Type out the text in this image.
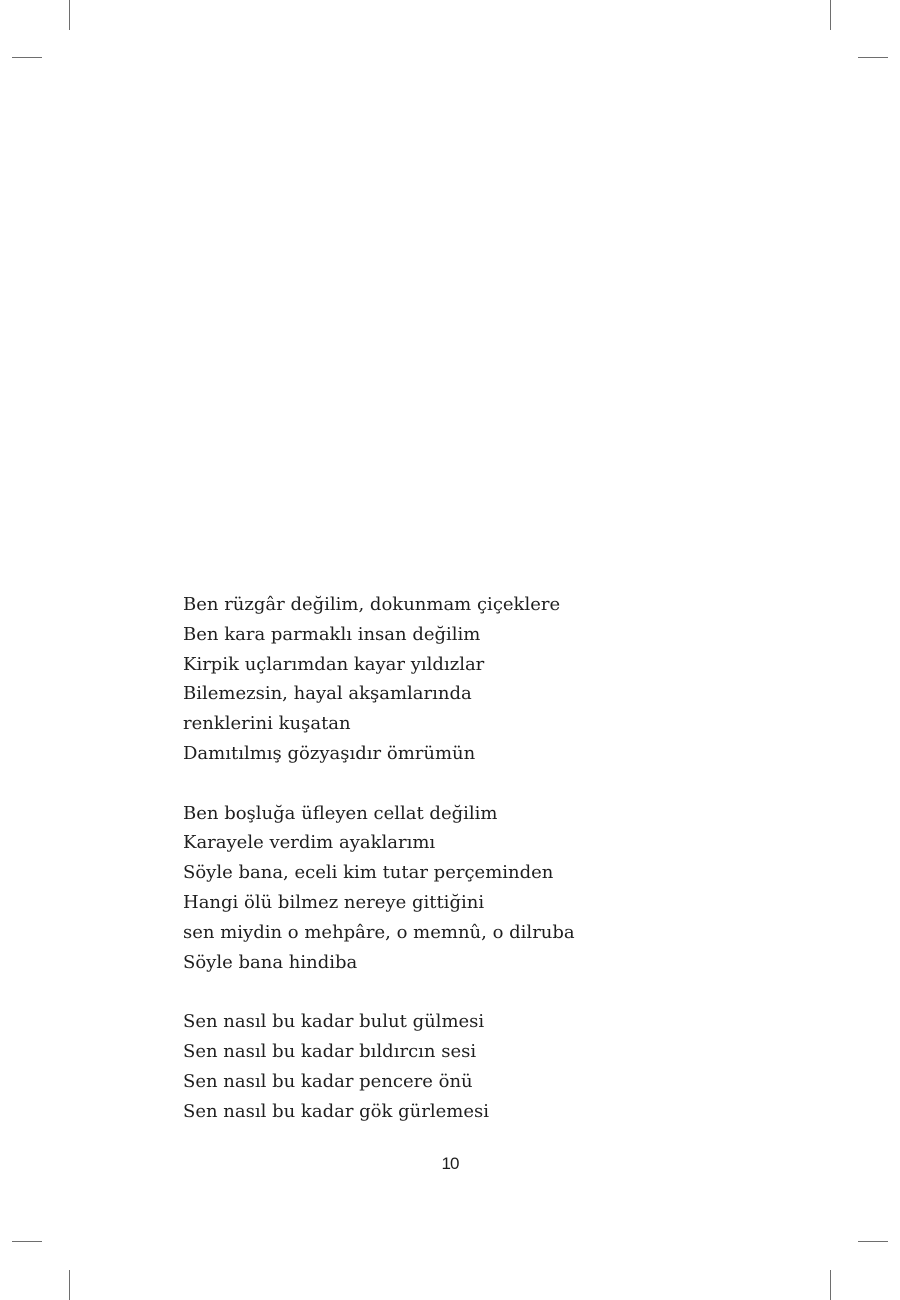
Ben rüzgâr değilim, dokunmam çiçeklere
Ben kara parmaklı insan değilim
Kirpik uçlarımdan kayar yıldızlar
Bilemezsin, hayal akşamlarında
renklerini kuşatan
Damıtılmış gözyaşıdır ömrümün
Ben boşluğa üfleyen cellat değilim
Karayele verdim ayaklarımı
Söyle bana, eceli kim tutar perçeminden
Hangi ölü bilmez nereye gittiğini
sen miydin o mehpâre, o memnû, o dilruba
Söyle bana hindiba
Sen nasıl bu kadar bulut gülmesi
Sen nasıl bu kadar bıldırcın sesi
Sen nasıl bu kadar pencere önü
Sen nasıl bu kadar gök gürlemesi
10
